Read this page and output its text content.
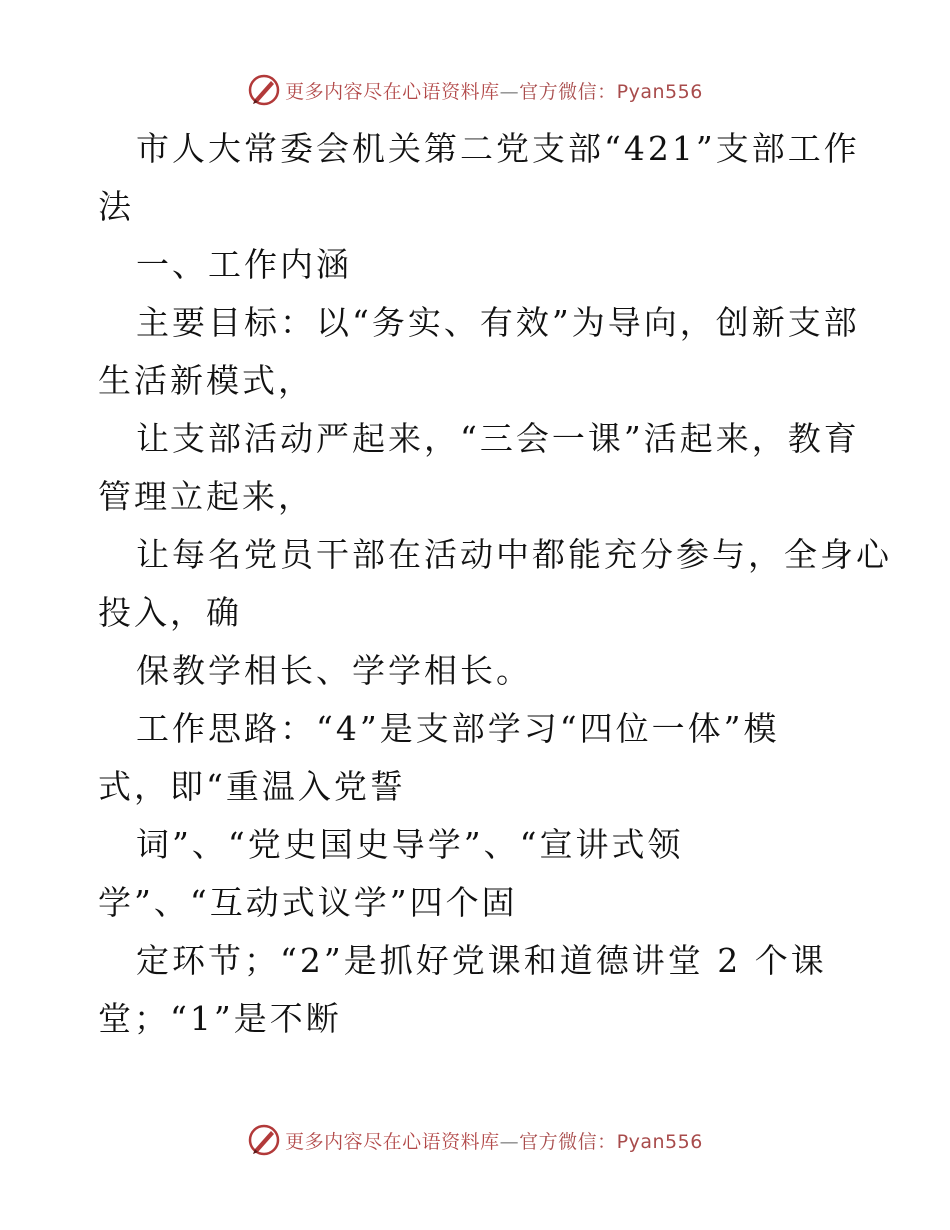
更多内容尽在心语资料库—官方微信：Pyan556
市人大常委会机关第二党支部“421”支部工作
法
一、工作内涵
主要目标：以“务实、有效”为导向，创新支部
生活新模式，
让支部活动严起来，“三会一课”活起来，教育
管理立起来，
让每名党员干部在活动中都能充分参与，全身心
投入，确
保教学相长、学学相长。
工作思路：“4”是支部学习“四位一体”模
式，即“重温入党誓
词”、“党史国史导学”、“宣讲式领
学”、“互动式议学”四个固
定环节；“2”是抓好党课和道德讲堂 2 个课
堂；“1”是不断
更多内容尽在心语资料库—官方微信：Pyan556
